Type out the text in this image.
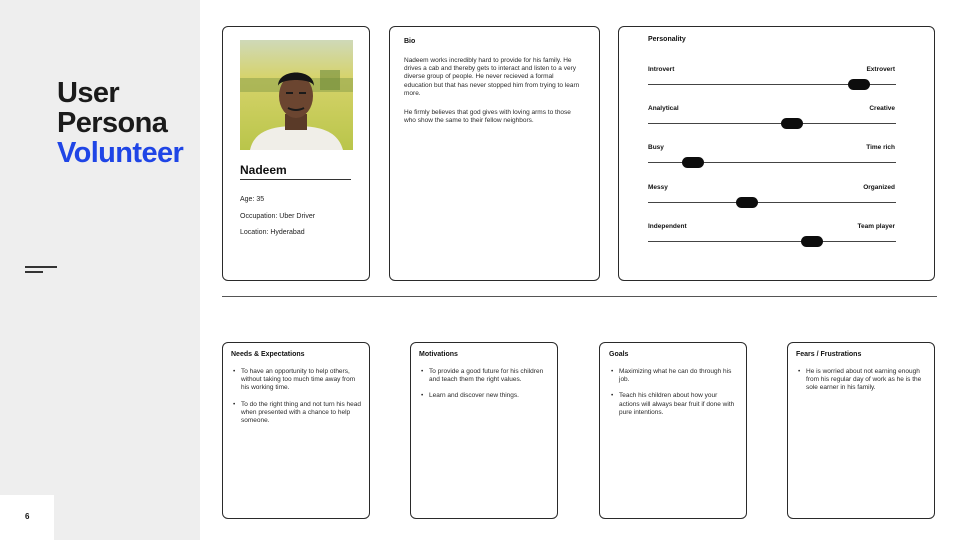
User
Persona
Volunteer
6
Nadeem
Age: 35
Occupation: Uber Driver
Location: Hyderabad
Bio
Nadeem works incredibly hard to provide for his family. He drives a cab and thereby gets to interact and listen to a very diverse group of people. He never recieved a formal education but that has never stopped him from trying to learn more.
He firmly believes that god gives with loving arms to those who show the same to their fellow neighbors.
Personality
Introvert	Extrovert
Analytical	Creative
Busy	Time rich
Messy	Organized
Independent	Team player
Needs & Expectations
• To have an opportunity to help others, without taking too much time away from his working time.
• To do the right thing and not turn his head when presented with a chance to help someone.
Motivations
• To provide a good future for his children and teach them the right values.
• Learn and discover new things.
Goals
• Maximizing what he can do through his job.
• Teach his children about how your actions will always bear fruit if done with pure intentions.
Fears / Frustrations
• He is worried about not earning enough from his regular day of work as he is the sole earner in his family.
